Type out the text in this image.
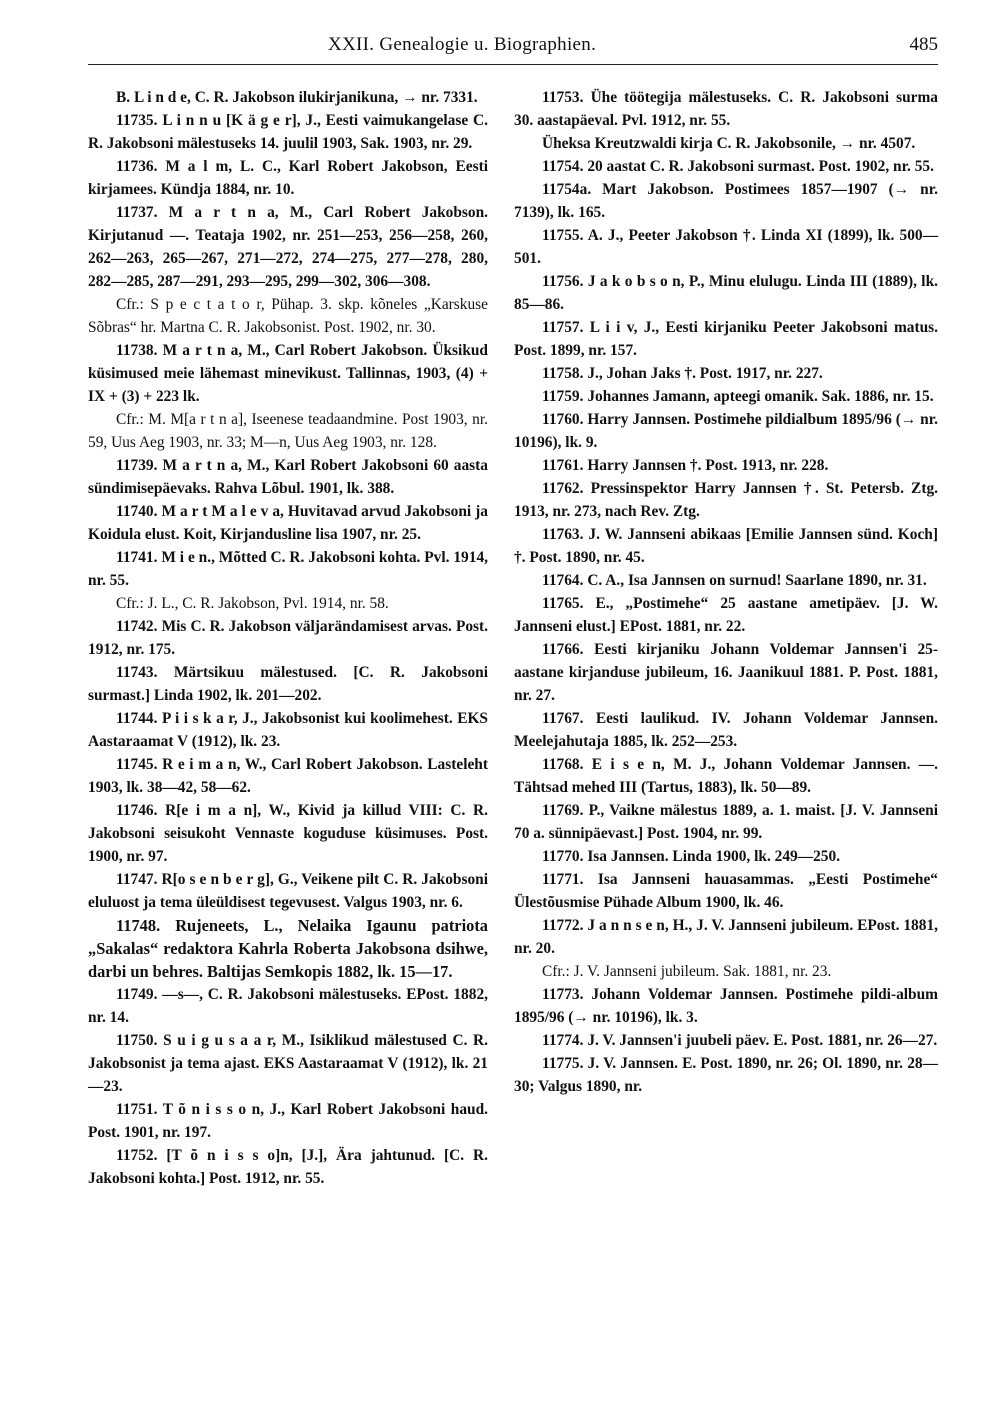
XXII. Genealogie u. Biographien.	485

B. L i n d e, C. R. Jakobson ilukirjanikuna, → nr. 7331.

11735. L i n n u [K ä g e r], J., Eesti vaimukangelase C. R. Jakobsoni mälestuseks 14. juulil 1903, Sak. 1903, nr. 29.

11736. M a l m, L. C., Karl Robert Jakobson, Eesti kirjamees. Kündja 1884, nr. 10.

11737. M a r t n a, M., Carl Robert Jakobson. Kirjutanud —. Teataja 1902, nr. 251—253, 256—258, 260, 262—263, 265—267, 271—272, 274—275, 277—278, 280, 282—285, 287—291, 293—295, 299—302, 306—308.

Cfr.: S p e c t a t o r, Pühap. 3. skp. kõneles „Karskuse Sõbras“ hr. Martna C. R. Jakobsonist. Post. 1902, nr. 30.

11738. M a r t n a, M., Carl Robert Jakobson. Üksikud küsimused meie lähemast minevikust. Tallinnas, 1903, (4) + IX + (3) + 223 lk.

Cfr.: M. M[a r t n a], Iseenese teadaandmine. Post 1903, nr. 59, Uus Aeg 1903, nr. 33; M—n, Uus Aeg 1903, nr. 128.

11739. M a r t n a, M., Karl Robert Jakobsoni 60 aasta sündimisepäevaks. Rahva Lõbul. 1901, lk. 388.

11740. M a r t M a l e v a, Huvitavad arvud Jakobsoni ja Koidula elust. Koit, Kirjandusline lisa 1907, nr. 25.

11741. M i e n., Mõtted C. R. Jakobsoni kohta. Pvl. 1914, nr. 55.

Cfr.: J. L., C. R. Jakobson, Pvl. 1914, nr. 58.

11742. Mis C. R. Jakobson väljarändamisest arvas. Post. 1912, nr. 175.

11743. Märtsikuu mälestused. [C. R. Jakobsoni surmast.] Linda 1902, lk. 201—202.

11744. P i i s k a r, J., Jakobsonist kui koolimehest. EKS Aastaraamat V (1912), lk. 23.

11745. R e i m a n, W., Carl Robert Jakobson. Lasteleht 1903, lk. 38—42, 58—62.

11746. R[e i m a n], W., Kivid ja killud VIII: C. R. Jakobsoni seisukoht Vennaste koguduse küsimuses. Post. 1900, nr. 97.

11747. R[o s e n b e r g], G., Veikene pilt C. R. Jakobsoni eluluost ja tema üleüldisest tegevusest. Valgus 1903, nr. 6.

11748. Rujeneets, L., Nelaika Igaunu patriota „Sakalas“ redaktora Kahrla Roberta Jakobsona dsihwe, darbi un behres. Baltijas Semkopis 1882, lk. 15—17.

11749. —s—, C. R. Jakobsoni mälestuseks. EPost. 1882, nr. 14.

11750. S u i g u s a a r, M., Isiklikud mälestused C. R. Jakobsonist ja tema ajast. EKS Aastaraamat V (1912), lk. 21—23.

11751. T õ n i s s o n, J., Karl Robert Jakobsoni haud. Post. 1901, nr. 197.

11752. [T õ n i s s o]n, [J.], Ära jahtunud. [C. R. Jakobsoni kohta.] Post. 1912, nr. 55.

11753. Ühe töötegija mälestuseks. C. R. Jakobsoni surma 30. aastapäeval. Pvl. 1912, nr. 55.

Üheksa Kreutzwaldi kirja C. R. Jakobsonile, → nr. 4507.

11754. 20 aastat C. R. Jakobsoni surmast. Post. 1902, nr. 55.

11754a. Mart Jakobson. Postimees 1857—1907 (→ nr. 7139), lk. 165.

11755. A. J., Peeter Jakobson †. Linda XI (1899), lk. 500—501.

11756. J a k o b s o n, P., Minu elulugu. Linda III (1889), lk. 85—86.

11757. L i i v, J., Eesti kirjaniku Peeter Jakobsoni matus. Post. 1899, nr. 157.

11758. J., Johan Jaks †. Post. 1917, nr. 227.

11759. Johannes Jamann, apteegi omanik. Sak. 1886, nr. 15.

11760. Harry Jannsen. Postimehe pildialbum 1895/96 (→ nr. 10196), lk. 9.

11761. Harry Jannsen †. Post. 1913, nr. 228.

11762. Pressinspektor Harry Jannsen †. St. Petersb. Ztg. 1913, nr. 273, nach Rev. Ztg.

11763. J. W. Jannseni abikaas [Emilie Jannsen sünd. Koch] †. Post. 1890, nr. 45.

11764. C. A., Isa Jannsen on surnud! Saarlane 1890, nr. 31.

11765. E., „Postimehe“ 25 aastane ametipäev. [J. W. Jannseni elust.] EPost. 1881, nr. 22.

11766. Eesti kirjaniku Johann Voldemar Jannsen'i 25-aastane kirjanduse jubileum, 16. Jaanikuul 1881. P. Post. 1881, nr. 27.

11767. Eesti laulikud. IV. Johann Voldemar Jannsen. Meelejahutaja 1885, lk. 252—253.

11768. E i s e n, M. J., Johann Voldemar Jannsen. —. Tähtsad mehed III (Tartus, 1883), lk. 50—89.

11769. P., Vaikne mälestus 1889, a. 1. maist. [J. V. Jannseni 70 a. sünnipäevast.] Post. 1904, nr. 99.

11770. Isa Jannsen. Linda 1900, lk. 249—250.

11771. Isa Jannseni hauasammas. „Eesti Postimehe“ Ülestõusmise Pühade Album 1900, lk. 46.

11772. J a n n s e n, H., J. V. Jannseni jubileum. EPost. 1881, nr. 20.

Cfr.: J. V. Jannseni jubileum. Sak. 1881, nr. 23.

11773. Johann Voldemar Jannsen. Postimehe pildi-album 1895/96 (→ nr. 10196), lk. 3.

11774. J. V. Jannsen'i juubeli päev. E. Post. 1881, nr. 26—27.

11775. J. V. Jannsen. E. Post. 1890, nr. 26; Ol. 1890, nr. 28—30; Valgus 1890, nr.
